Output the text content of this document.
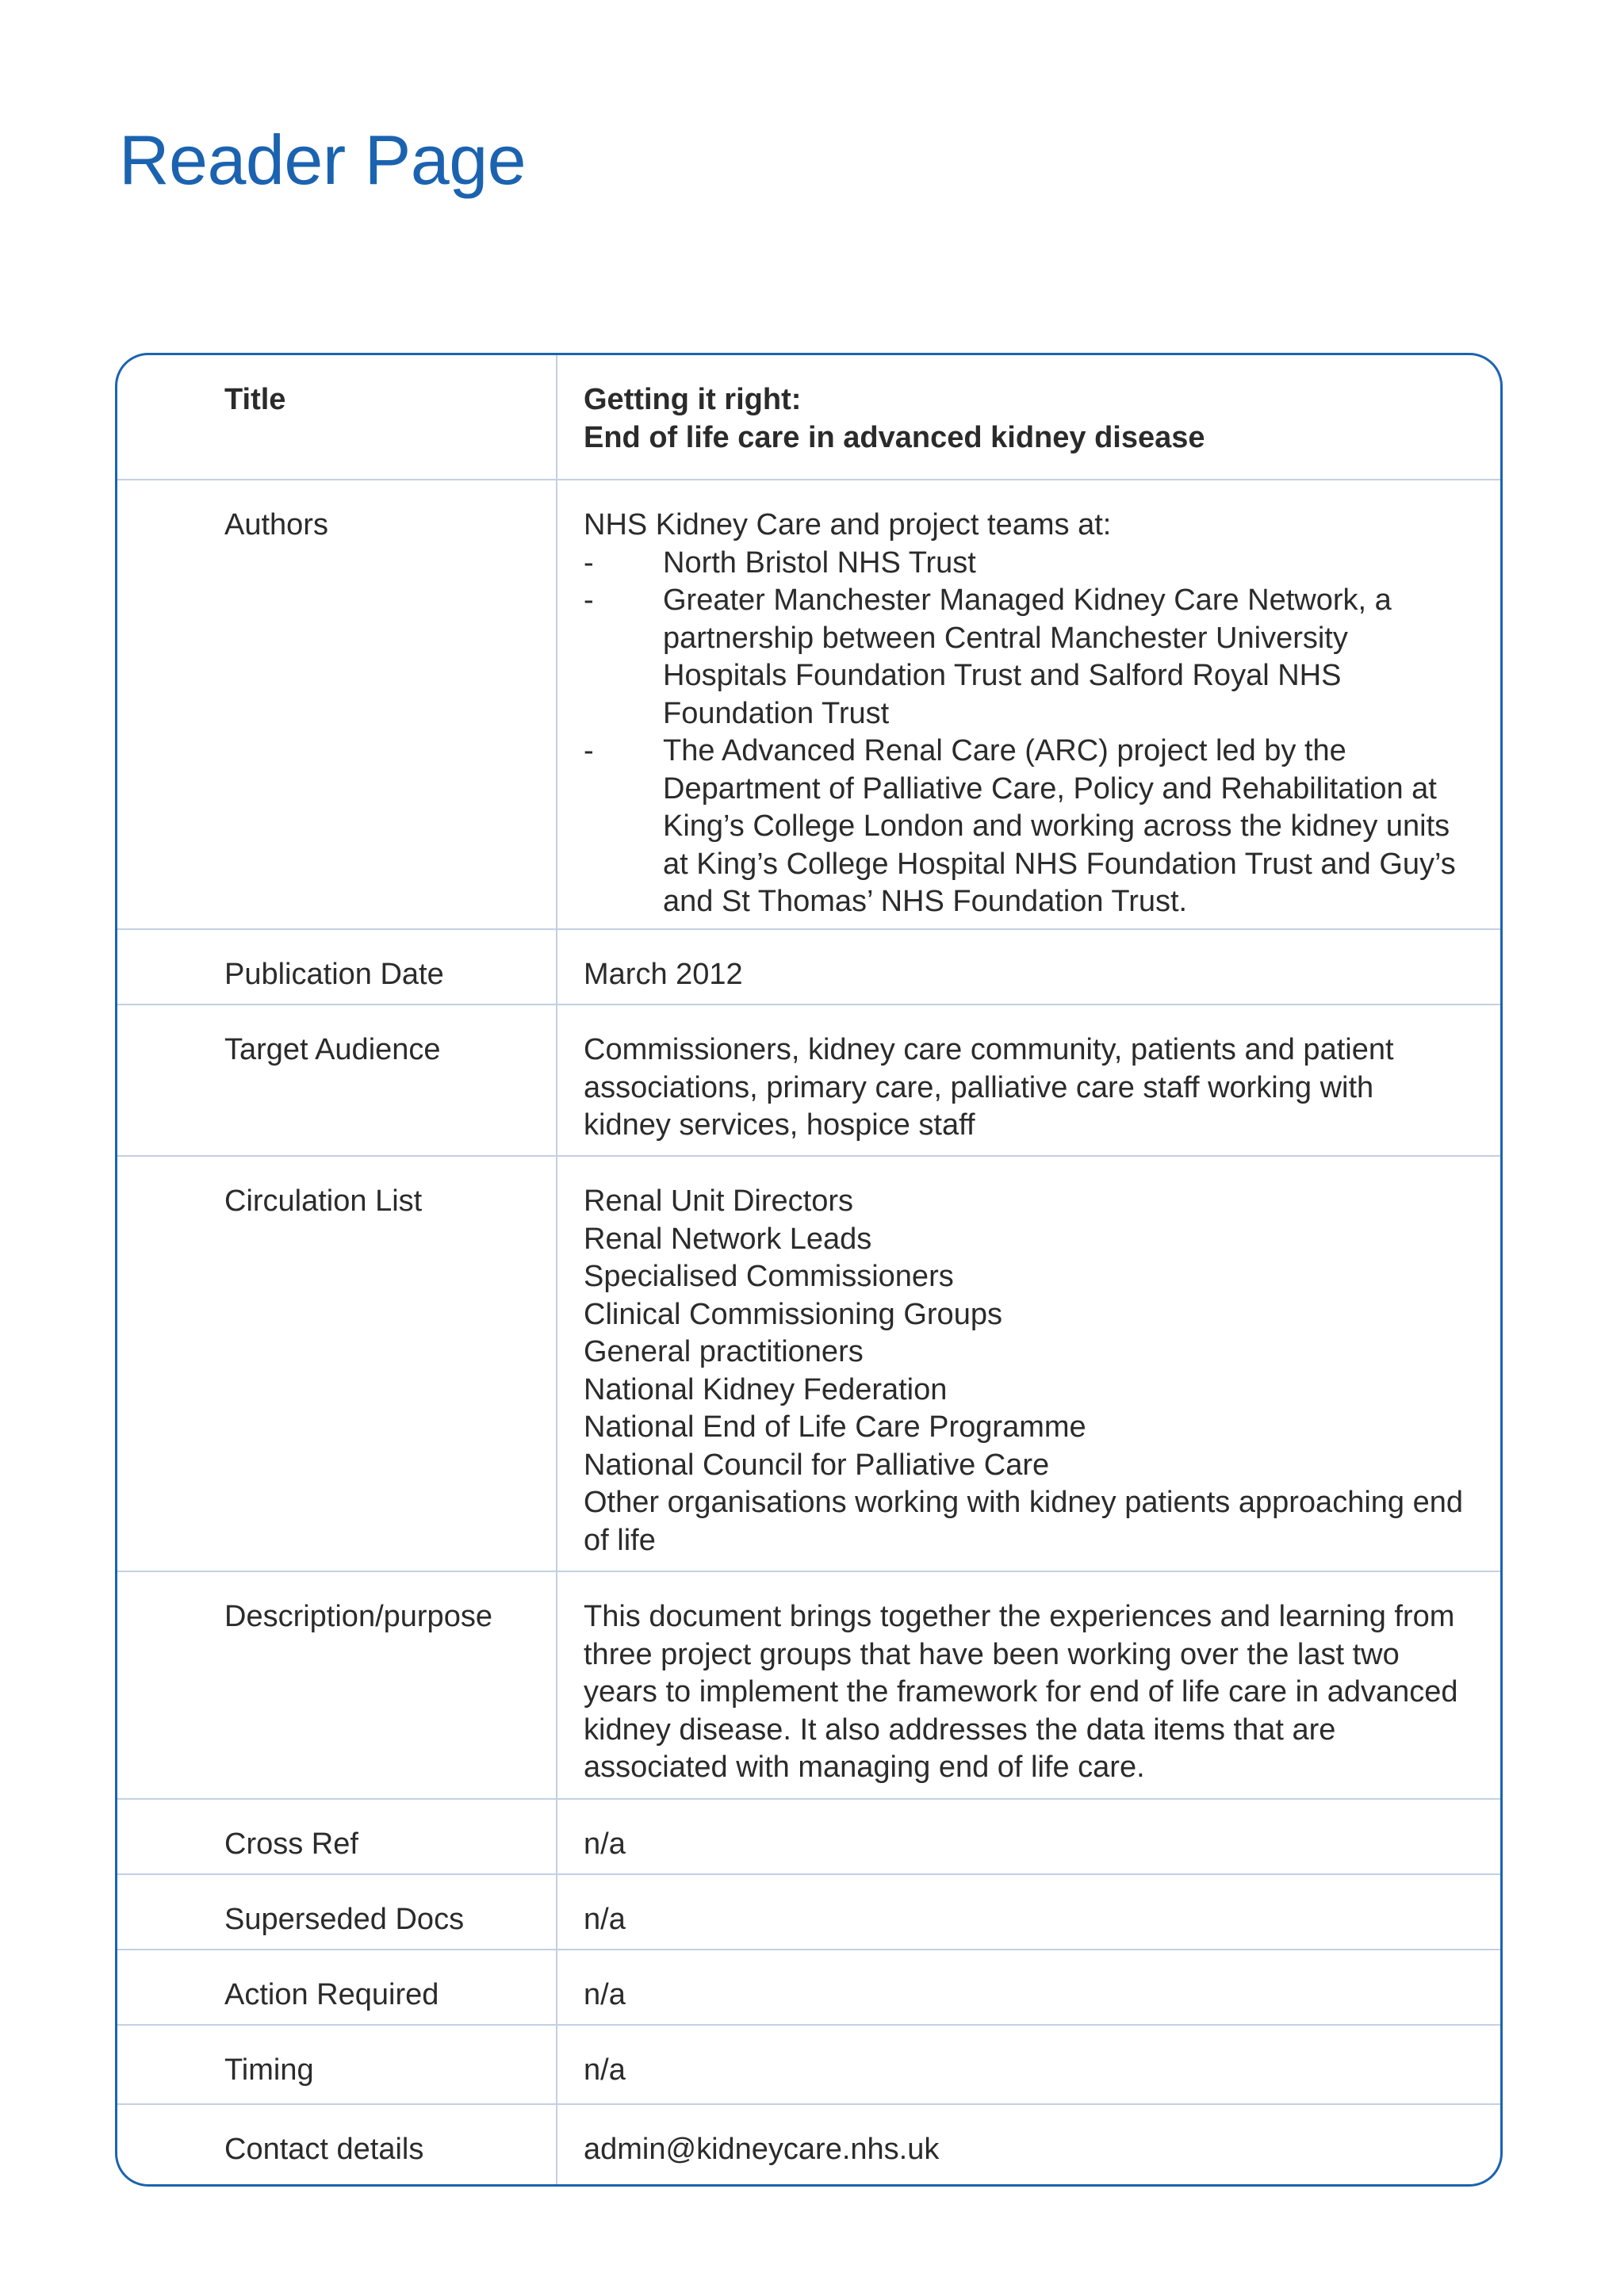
Reader Page
Title	Getting it right:
End of life care in advanced kidney disease
Authors	NHS Kidney Care and project teams at:
-	North Bristol NHS Trust
-	Greater Manchester Managed Kidney Care Network, a partnership between Central Manchester University Hospitals Foundation Trust and Salford Royal NHS Foundation Trust
-	The Advanced Renal Care (ARC) project led by the Department of Palliative Care, Policy and Rehabilitation at King’s College London and working across the kidney units at King’s College Hospital NHS Foundation Trust and Guy’s and St Thomas’ NHS Foundation Trust.
Publication Date	March 2012
Target Audience	Commissioners, kidney care community, patients and patient associations, primary care, palliative care staff working with kidney services, hospice staff
Circulation List	Renal Unit Directors
Renal Network Leads
Specialised Commissioners
Clinical Commissioning Groups
General practitioners
National Kidney Federation
National End of Life Care Programme
National Council for Palliative Care
Other organisations working with kidney patients approaching end of life
Description/purpose	This document brings together the experiences and learning from three project groups that have been working over the last two years to implement the framework for end of life care in advanced kidney disease. It also addresses the data items that are associated with managing end of life care.
Cross Ref	n/a
Superseded Docs	n/a
Action Required	n/a
Timing	n/a
Contact details	admin@kidneycare.nhs.uk
